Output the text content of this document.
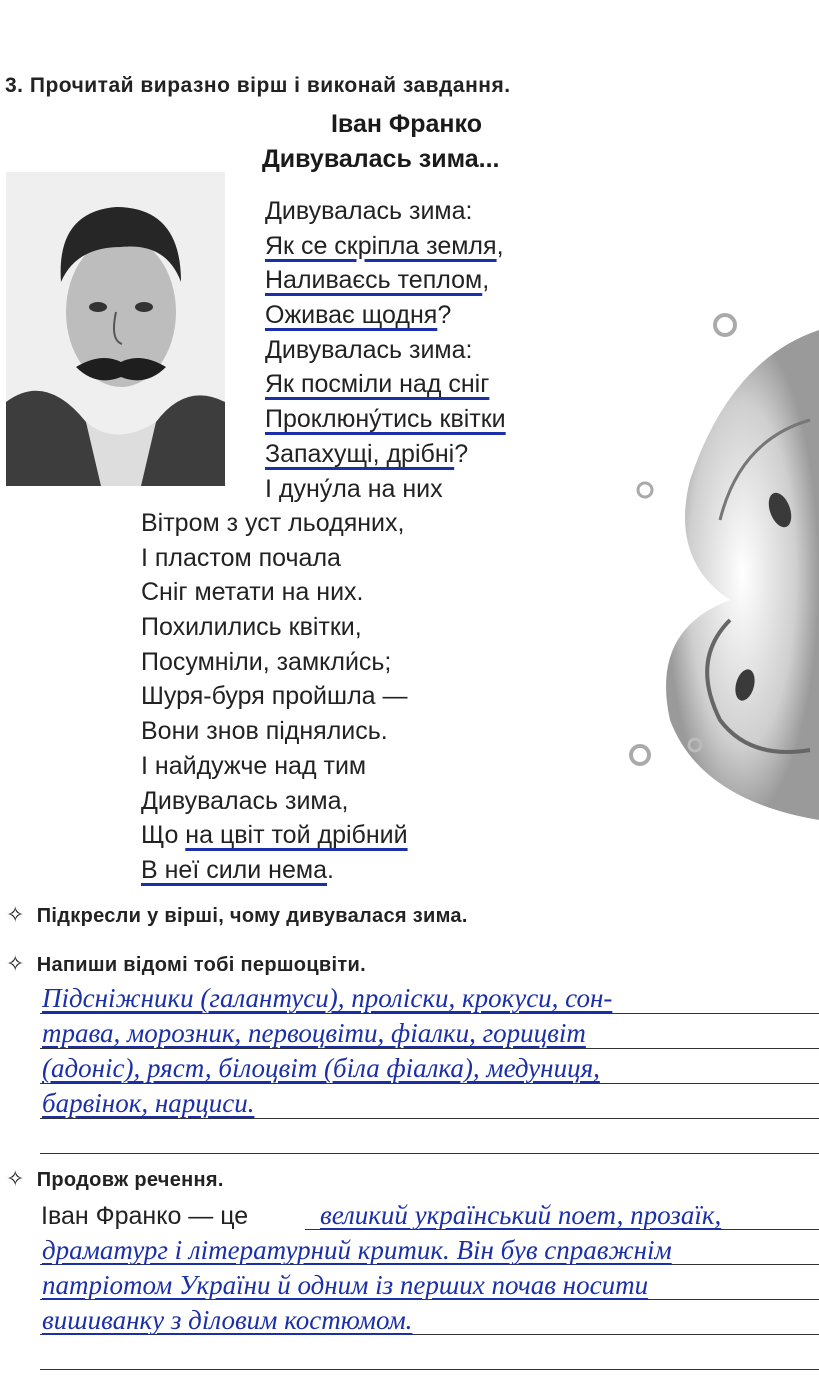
3. Прочитай виразно вірш і виконай завдання.
Іван Франко
Дивувалась зима...
Дивувалась зима:
Як се скріпла земля,
Наливаєсь теплом,
Оживає щодня?
Дивувалась зима:
Як посміли над сніг
Проклюну́тись квітки
Запахущі, дрібні?
І дуну́ла на них
Вітром з уст льодяних,
І пластом почала
Сніг метати на них.
Похилились квітки,
Посумніли, замкли́сь;
Шуря-буря пройшла —
Вони знов піднялись.
І найдужче над тим
Дивувалась зима,
Що на цвіт той дрібний
В неї сили нема.
✧ Підкресли у вірші, чому дивувалася зима.
✧ Напиши відомі тобі першоцвіти.
Підсніжники (галантуси), проліски, крокуси, сон-
трава, морозник, первоцвіти, фіалки, горицвіт
(адоніс), ряст, білоцвіт (біла фіалка), медуниця,
барвінок, нарциси.
✧ Продовж речення.
Іван Франко — це	великий український поет, прозаїк,
драматург і літературний критик. Він був справжнім
патріотом України й одним із перших почав носити
вишиванку з діловим костюмом.
